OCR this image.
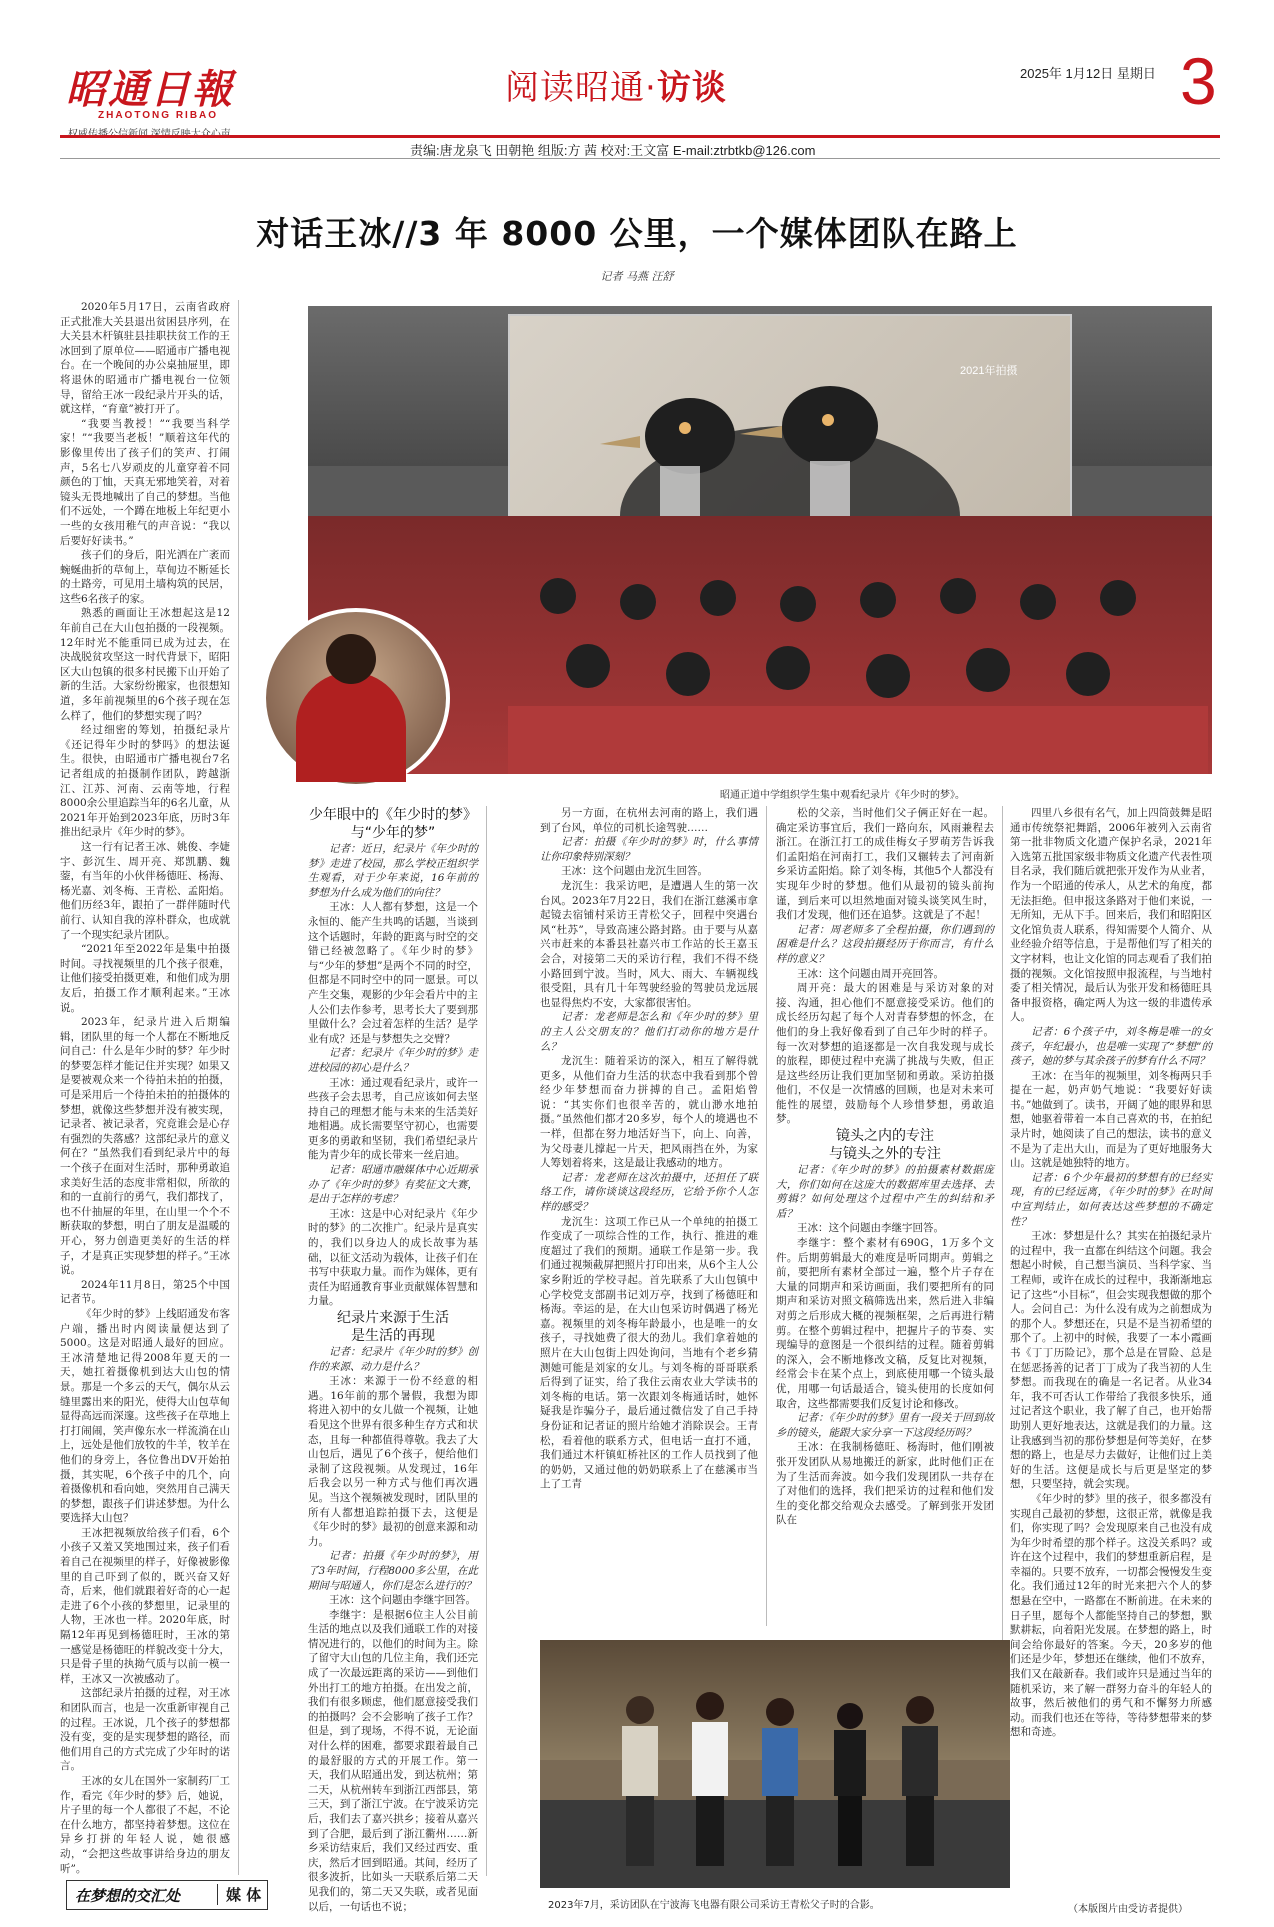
昭通日報
ZHAOTONG RIBAO
阅读昭通·访谈	2025年 1月12日 星期日 3
责编:唐龙泉飞 田朝艳 组版:方 茜 校对:王文富 E-mail:ztrbtkb@126.com
对话王冰//3 年 8000 公里，一个媒体团队在路上
记者 马燕 汪舒

2020年5月17日，云南省政府正式批准大关县退出贫困县序列，在大关县木杆镇驻县挂职扶贫工作的王冰回到了原单位——昭通市广播电视台。在一个晚间的办公桌抽屉里，即将退休的昭通市广播电视台一位领导，留给王冰一段纪录片开头的话，就这样，“育童”被打开了。

“我要当教授！”“我要当科学家！”“我要当老板！”顺着这年代的影像里传出了孩子们的笑声、打闹声，5名七八岁顽皮的儿童穿着不同颜色的丁恤，天真无邪地笑着，对着镜头无畏地喊出了自己的梦想。当他们不远处，一个蹲在地板上年纪更小一些的女孩用稚气的声音说：“我以后要好好读书。”

孩子们的身后，阳光洒在广袤而蜿蜒曲折的草甸上，草甸边不断延长的土路旁，可见用土墙构筑的民居，这些6名孩子的家。

熟悉的画面让王冰想起这是12年前自己在大山包拍摄的一段视频。12年时光不能重同已成为过去，在决战脱贫攻坚这一时代背景下，昭阳区大山包镇的很多村民搬下山开始了新的生活。大家纷纷搬家，也很想知道，多年前视频里的6个孩子现在怎么样了，他们的梦想实现了吗？

经过细密的筹划，拍摄纪录片《还记得年少时的梦吗》的想法诞生。很快，由昭通市广播电视台7名记者组成的拍摄制作团队，跨越浙江、江苏、河南、云南等地，行程8000余公里追踪当年的6名儿童，从2021年开始到2023年底，历时3年推出纪录片《年少时的梦》。

这一行有记者王冰、姚俊、李婕宇、彭沉生、周开亮、郑凯鹏、魏蓥，有当年的小伙伴杨德旺、杨海、杨光嘉、刘冬梅、王青松、孟阳焰。他们历经3年，跟拍了一群伴随时代前行、认知自我的淳朴群众，也成就了一个现实纪录片团队。

“2021年至2022年是集中拍摄时间。寻找视频里的几个孩子很难，让他们接受拍摄更难，和他们成为朋友后，拍摄工作才顺利起来。”王冰说。

2023年，纪录片进入后期编辑，团队里的每一个人都在不断地反问自己：什么是年少时的梦？年少时的梦要怎样才能记住并实现？如果又是要被观众来一个待拍未拍的拍摄，可是采用后一个待拍未拍的拍摄体的梦想，就像这些梦想并没有被实现，记录者、被记录者，究竟谁会是心存有强烈的失落感？这部纪录片的意义何在？”虽然我们看到纪录片中的每一个孩子在面对生活时，那种勇敢追求美好生活的态度非常相似，所欲的和的一直前行的勇气，我们都找了，也不什抽屉的年里，在山里一个个不断获取的梦想，明白了朋友是温暖的开心，努力创造更美好的生活的样子，才是真正实现梦想的样子。”王冰说。

2024年11月8日，第25个中国记者节。

《年少时的梦》上线昭通发布客户端，播出时内阅读量便达到了5000。这是对昭通人最好的回应。王冰清楚地记得2008年夏天的一天，她扛着摄像机到达大山包的情景。那是一个多云的天气，偶尔从云缝里露出来的阳光，使得大山包草甸显得高远而深邃。这些孩子在草地上打打闹闹，笑声像东水一样流淌在山上，远处是他们放牧的牛羊，牧羊在他们的身旁上，各位鲁出DV开始拍摄，其实呢，6个孩子中的几个，向着摄像机和看向她，突然用自己满天的梦想，跟孩子们讲述梦想。为什么要选择大山包？

王冰把视频放给孩子们看，6个小孩子又羞又笑地围过来，孩子们看着自己在视频里的样子，好像被影像里的自己吓到了似的，既兴奋又好奇，后来，他们就跟着好奇的心一起走进了6个小孩的梦想里，记录里的人物，王冰也一样。2020年底，时隔12年再见到杨德旺时，王冰的第一感觉是杨德旺的样貌改变十分大，只是骨子里的执拗气质与以前一模一样，王冰又一次被感动了。

这部纪录片拍摄的过程，对王冰和团队而言，也是一次重新审视自己的过程。王冰说，几个孩子的梦想都没有变，变的是实现梦想的路径，而他们用自己的方式完成了少年时的诺言。

王冰的女儿在国外一家制药厂工作，看完《年少时的梦》后，她说，片子里的每一个人都很了不起，不论在什么地方，都坚持着梦想。这位在异乡打拼的年轻人说，她很感动，“会把这些故事讲给身边的朋友听”。

2021年拍摄
昭通正道中学组织学生集中观看纪录片《年少时的梦》。

少年眼中的《年少时的梦》
与“少年的梦”

记者：近日，纪录片《年少时的梦》走进了校园，那么学校正组织学生观看，对于少年来说，16年前的梦想为什么成为他们的向往？

王冰：人人都有梦想，这是一个永恒的、能产生共鸣的话题，当谈到这个话题时，年龄的距离与时空的交错已经被忽略了。《年少时的梦》与“少年的梦想”是两个不同的时空，但都是不同时空中的同一愿景。可以产生交集，观影的少年会看片中的主人公们去作参考，思考长大了要到那里做什么？会过着怎样的生活？是学业有成？还是与梦想失之交臂？

记者：纪录片《年少时的梦》走进校园的初心是什么？

王冰：通过观看纪录片，或许一些孩子会去思考，自己应该如何去坚持自己的理想才能与未来的生活美好地相遇。成长需要坚守初心，也需要更多的勇敢和坚韧，我们希望纪录片能为青少年的成长带来一丝启迪。

记者：昭通市融媒体中心近期承办了《年少时的梦》有奖征文大赛，是出于怎样的考虑？

王冰：这是中心对纪录片《年少时的梦》的二次推广。纪录片是真实的，我们以身边人的成长故事为基础，以征文活动为载体，让孩子们在书写中获取力量。而作为媒体，更有责任为昭通教育事业贡献媒体智慧和力量。

纪录片来源于生活
是生活的再现

记者：纪录片《年少时的梦》创作的来源、动力是什么？

王冰：来源于一份不经意的相遇。16年前的那个暑假，我想为即将进入初中的女儿做一个视频，让她看见这个世界有很多种生存方式和状态，且每一种都值得尊敬。我去了大山包后，遇见了6个孩子，便给他们录制了这段视频。从发现过，16年后我会以另一种方式与他们再次遇见。当这个视频被发现时，团队里的所有人都想追踪拍摄下去，这便是《年少时的梦》最初的创意来源和动力。

记者：拍摄《年少时的梦》，用了3年时间，行程8000多公里，在此期间与昭通人，你们是怎么进行的？

王冰：这个问题由李继宇回答。

李继宇：是根据6位主人公目前生活的地点以及我们通联工作的对接情况进行的，以他们的时间为主。除了留守大山包的几位主角，我们还完成了一次最远距离的采访——到他们外出打工的地方拍摄。在出发之前，我们有很多顾虑，他们愿意接受我们的拍摄吗？会不会影响了孩子工作？但是，到了现场，不得不说，无论面对什么样的困难，都要求跟着最自己的最舒服的方式的开展工作。第一天，我们从昭通出发，到达杭州；第二天，从杭州转车到浙江西部县，第三天，到了浙江宁波。在宁波采访完后，我们去了嘉兴拱乡；接着从嘉兴到了合肥，最后到了浙江衢州……新乡采访结束后，我们又经过西安、重庆，然后才回到昭通。其间，经历了很多波折，比如头一天联系后第二天见我们的，第二天又失联，或者见面以后，一句话也不说；

另一方面，在杭州去河南的路上，我们遇到了台风，单位的司机长途驾驶……

记者：拍摄《年少时的梦》时，什么事情让你印象特别深刻？

王冰：这个问题由龙沉生回答。

龙沉生：我采访吧，是遭遇人生的第一次台风。2023年7月22日，我们在浙江慈溪市拿起镜去宿铺村采访王青松父子，回程中突遇台风“杜苏”，导致高速公路封路。由于要与从嘉兴市赶来的本番县社嘉兴市工作站的长王嘉玉会合，对接第二天的采访行程，我们不得不绕小路回到宁波。当时，风大、雨大、车辆视线很受阻，具有几十年驾驶经验的驾驶员龙远展也显得焦灼不安，大家都很害怕。

记者：龙老师是怎么和《年少时的梦》里的主人公交朋友的？他们打动你的地方是什么？

龙沉生：随着采访的深入，相互了解得就更多，从他们奋力生活的状态中我看到那个曾经少年梦想而奋力拼搏的自己。孟阳焰曾说：“其实你们也很辛苦的，就山渺水地拍摄。”虽然他们都才20多岁，每个人的境遇也不一样，但都在努力地活好当下，向上、向善，为父母妻儿撑起一片天，把风雨挡在外，为家人筹划着将来，这是最让我感动的地方。

记者：龙老师在这次拍摄中，还担任了联络工作，请你谈谈这段经历，它给予你个人怎样的感受？

龙沉生：这项工作已从一个单纯的拍摄工作变成了一项综合性的工作，执行、推进的难度超过了我们的预期。通联工作是第一步。我们通过视频截屏把照片打印出来，从6个主人公家乡附近的学校寻起。首先联系了大山包镇中心学校党支部副书记刘万亭，找到了杨德旺和杨海。幸运的是，在大山包采访时偶遇了杨光嘉。视频里的刘冬梅年龄最小，也是唯一的女孩子，寻找她费了很大的劲儿。我们拿着她的照片在大山包街上四处询问，当地有个老乡猜测她可能是刘家的女儿。与刘冬梅的哥哥联系后得到了证实，给了我住云南农业大学读书的刘冬梅的电话。第一次跟刘冬梅通话时，她怀疑我是诈骗分子，最后通过微信发了自己手持身份证和记者证的照片给她才消除误会。王青松，看着他的联系方式，但电话一直打不通，我们通过木杆镇虹桥社区的工作人员找到了他的奶奶，又通过他的奶奶联系上了在慈溪市当上了工青

松的父亲，当时他们父子俩正好在一起。确定采访事宜后，我们一路向东，风雨兼程去浙江。在浙江打工的成佳梅女子罗萌芳告诉我们孟阳焰在河南打工，我们又辗转去了河南新乡采访孟阳焰。除了刘冬梅，其他5个人都没有实现年少时的梦想。他们从最初的镜头前拘谨，到后来可以坦然地面对镜头谈笑风生时，我们才发现，他们还在追梦。这就是了不起！

记者：周老师多了全程拍摄，你们遇到的困难是什么？这段拍摄经历于你而言，有什么样的意义？

王冰：这个问题由周开亮回答。

周开亮：最大的困难是与采访对象的对接、沟通，担心他们不愿意接受采访。他们的成长经历勾起了每个人对青春梦想的怀念，在他们的身上我好像看到了自己年少时的样子。每一次对梦想的追逐都是一次自我发现与成长的旅程，即使过程中充满了挑战与失败，但正是这些经历让我们更加坚韧和勇敢。采访拍摄他们，不仅是一次情感的回顾，也是对未来可能性的展望，鼓励每个人珍惜梦想，勇敢追梦。

镜头之内的专注
与镜头之外的专注

记者：《年少时的梦》的拍摄素材数据庞大，你们如何在这庞大的数据库里去选择、去剪辑？如何处理这个过程中产生的纠结和矛盾？

王冰：这个问题由李继宇回答。

李继宇：整个素材有690G，1万多个文件。后期剪辑最大的难度是听同期声。剪辑之前，要把所有素材全部过一遍，整个片子存在大量的同期声和采访画面，我们要把所有的同期声和采访对照文稿筛选出来，然后进入非编对剪之后形成大概的视频框架，之后再进行精剪。在整个剪辑过程中，把握片子的节奏、实现编导的意图是一个很纠结的过程。随着剪辑的深入，会不断地修改文稿，反复比对视频，经常会卡在某个点上，到底使用哪一个镜头最优，用哪一句话最适合，镜头使用的长度如何取舍，这些都需要我们反复讨论和修改。

记者：《年少时的梦》里有一段关于回到故乡的镜头，能跟大家分享一下这段经历吗？

王冰：在我制杨德旺、杨海时，他们刚被张开发团队从易地搬迁的新家，此时他们正在为了生活而奔波。如今我们发现团队一共存在了对他们的选择，我们把采访的过程和他们发生的变化都交给观众去感受。了解到张开发团队在

四里八乡很有名气，加上四筒鼓舞是昭通市传统祭祀舞蹈，2006年被列入云南省第一批非物质文化遗产保护名录，2021年入选第五批国家级非物质文化遗产代表性项目名录，我们随后就把张开发作为从业者，作为一个昭通的传承人，从艺术的角度，都无法拒绝。但申报这条路对于他们来说，一无所知，无从下手。回来后，我们和昭阳区文化馆负责人联系，得知需要个人简介、从业经验介绍等信息，于是帮他们写了相关的文字材料，也让文化馆的同志观看了我们拍摄的视频。文化馆按照申报流程，与当地村委了相关情况，最后认为张开发和杨德旺具备申报资格，确定两人为这一级的非遗传承人。

记者：6个孩子中，刘冬梅是唯一的女孩子，年纪最小，也是唯一实现了“梦想”的孩子，她的梦与其余孩子的梦有什么不同？

王冰：在当年的视频里，刘冬梅两只手提在一起，奶声奶气地说：“我要好好读书。”她做到了。读书，开阔了她的眼界和思想，她驱着带着一本自己喜欢的书，在拍纪录片时，她阅读了自己的想法，读书的意义不是为了走出大山，而是为了更好地服务大山。这就是她独特的地方。

记者：6个少年最初的梦想有的已经实现，有的已经远离，《年少时的梦》在时间中宣判结止，如何表达这些梦想的不确定性？

王冰：梦想是什么？其实在拍摄纪录片的过程中，我一直都在纠结这个问题。我会想起小时候，自己想当演员、当科学家、当工程师，或许在成长的过程中，我渐渐地忘记了这些“小目标”，但会实现我想做的那个人。会问自己：为什么没有成为之前想成为的那个人。梦想还在，只是不是当初希望的那个了。上初中的时候，我要了一本小霞画书《丁丁历险记》，那个总是在冒险、总是在惩恶扬善的记者丁丁成为了我当初的人生梦想。而我现在的确是一名记者。从业34年，我不可否认工作带给了我很多快乐，通过记者这个职业，我了解了自己，也开始帮助别人更好地表达，这就是我们的力量。这让我感到当初的那份梦想是何等美好，在梦想的路上，也是尽力去做好，让他们过上美好的生活。这便是成长与后更是坚定的梦想，只要坚持，就会实现。

《年少时的梦》里的孩子，很多都没有实现自己最初的梦想，这很正常，就像是我们，你实现了吗？会发现原来自己也没有成为年少时希望的那个样子。这没关系吗？或许在这个过程中，我们的梦想重新启程，是幸福的。只要不放弃，一切都会慢慢发生变化。我们通过12年的时光来把六个人的梦想悬在空中，一路都在不断前进。在未来的日子里，愿每个人都能坚持自己的梦想，默默耕耘，向着阳光发展。在梦想的路上，时间会给你最好的答案。今天，20多岁的他们还是少年，梦想还在继续，他们不放弃，我们又在敲新春。我们或许只是通过当年的随机采访，来了解一群努力奋斗的年轻人的故事，然后被他们的勇气和不懈努力所感动。而我们也还在等待，等待梦想带来的梦想和奇迹。

2023年7月，采访团队在宁波海飞电器有限公司采访王青松父子时的合影。
在梦想的交汇处	媒 体
（本版图片由受访者提供）
